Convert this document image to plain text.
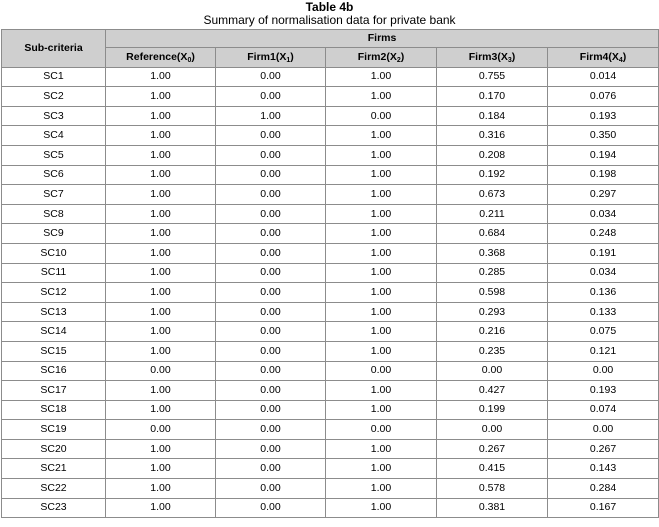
Table 4b
Summary of normalisation data for private bank
Sub-criteria	Firms				
	$Reference(X_0)$	$Firm1(X_1)$	$Firm2(X_2)$	$Firm3(X_3)$	$Firm4(X_4)$
SC1	1.00	0.00	1.00	0.755	0.014
SC2	1.00	0.00	1.00	0.170	0.076
SC3	1.00	1.00	0.00	0.184	0.193
SC4	1.00	0.00	1.00	0.316	0.350
SC5	1.00	0.00	1.00	0.208	0.194
SC6	1.00	0.00	1.00	0.192	0.198
SC7	1.00	0.00	1.00	0.673	0.297
SC8	1.00	0.00	1.00	0.211	0.034
SC9	1.00	0.00	1.00	0.684	0.248
SC10	1.00	0.00	1.00	0.368	0.191
SC11	1.00	0.00	1.00	0.285	0.034
SC12	1.00	0.00	1.00	0.598	0.136
SC13	1.00	0.00	1.00	0.293	0.133
SC14	1.00	0.00	1.00	0.216	0.075
SC15	1.00	0.00	1.00	0.235	0.121
SC16	0.00	0.00	0.00	0.00	0.00
SC17	1.00	0.00	1.00	0.427	0.193
SC18	1.00	0.00	1.00	0.199	0.074
SC19	0.00	0.00	0.00	0.00	0.00
SC20	1.00	0.00	1.00	0.267	0.267
SC21	1.00	0.00	1.00	0.415	0.143
SC22	1.00	0.00	1.00	0.578	0.284
SC23	1.00	0.00	1.00	0.381	0.167
